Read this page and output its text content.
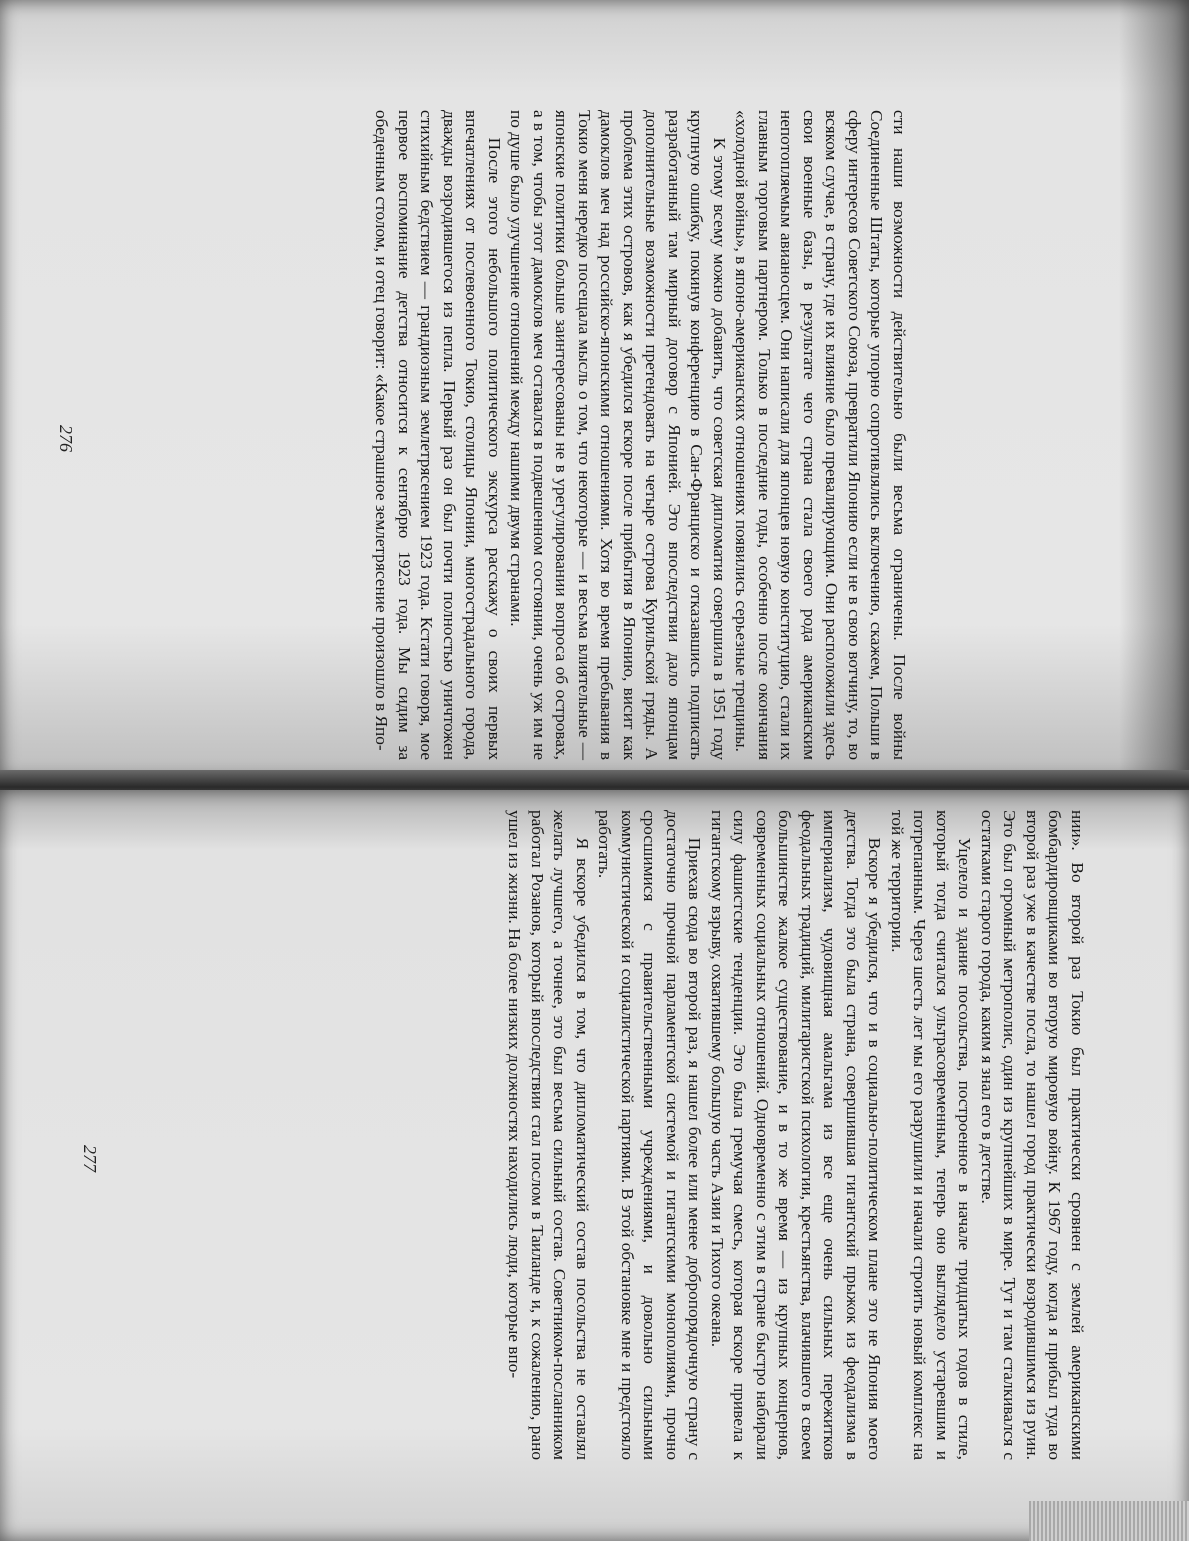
сти наши возможности действительно были весьма ограничены. После войны Соединенные Штаты, которые упорно сопротивлялись включению, скажем, Польши в сферу интересов Советского Союза, превратили Японию если не в свою вотчину, то, во всяком случае, в страну, где их влияние было превалирующим. Они расположили здесь свои военные базы, в результате чего страна стала своего рода американским непотопляемым авианосцем. Они написали для японцев новую конституцию, стали их главным торговым партнером. Только в последние годы, особенно после окончания «холодной войны», в японо-американских отношениях появились серьезные трещины.

К этому всему можно добавить, что советская дипломатия совершила в 1951 году крупную ошибку, покинув конференцию в Сан-Франциско и отказавшись подписать разработанный там мирный договор с Японией. Это впоследствии дало японцам дополнительные возможности претендовать на четыре острова Курильской гряды. А проблема этих островов, как я убедился вскоре после прибытия в Японию, висит как дамоклов меч над российско-японскими отношениями. Хотя во время пребывания в Токио меня нередко посещала мысль о том, что некоторые — и весьма влиятельные — японские политики больше заинтересованы не в урегулировании вопроса об островах, а в том, чтобы этот дамоклов меч оставался в подвешенном состоянии, очень уж им не по душе было улучшение отношений между нашими двумя странами.

После этого небольшого политического экскурса расскажу о своих первых впечатлениях от послевоенного Токио, столицы Японии, многострадального города, дважды возродившегося из пепла. Первый раз он был почти полностью уничтожен стихийным бедствием — грандиозным землетрясением 1923 года. Кстати говоря, мое первое воспоминание детства относится к сентябрю 1923 года. Мы сидим за обеденным столом, и отец говорит: «Какое страшное землетрясение произошло в Япо-

276

нии». Во второй раз Токио был практически сровнен с землей американскими бомбардировщиками во вторую мировую войну. К 1967 году, когда я прибыл туда во второй раз уже в качестве посла, то нашел город практически возродившимся из руин. Это был огромный метрополис, один из крупнейших в мире. Тут и там сталкивался с остатками старого города, каким я знал его в детстве.

Уцелело и здание посольства, построенное в начале тридцатых годов в стиле, который тогда считался ультрасовременным, теперь оно выглядело устаревшим и потрепанным. Через шесть лет мы его разрушили и начали строить новый комплекс на той же территории.

Вскоре я убедился, что и в социально-политическом плане это не Япония моего детства. Тогда это была страна, совершившая гигантский прыжок из феодализма в империализм, чудовищная амальгама из все еще очень сильных пережитков феодальных традиций, милитаристской психологии, крестьянства, влачившего в своем большинстве жалкое существование, и в то же время — из крупных концернов, современных социальных отношений. Одновременно с этим в стране быстро набирали силу фашистские тенденции. Это была гремучая смесь, которая вскоре привела к гигантскому взрыву, охватившему большую часть Азии и Тихого океана.

Приехав сюда во второй раз, я нашел более или менее добропорядочную страну с достаточно прочной парламентской системой и гигантскими монополиями, прочно сросшимися с правительственными учреждениями, и довольно сильными коммунистической и социалистической партиями. В этой обстановке мне и предстояло работать.

Я вскоре убедился в том, что дипломатический состав посольства не оставлял желать лучшего, а точнее, это был весьма сильный состав. Советником-посланником работал Розанов, который впоследствии стал послом в Таиланде и, к сожалению, рано ушел из жизни. На более низких должностях находились люди, которые впо-

277
